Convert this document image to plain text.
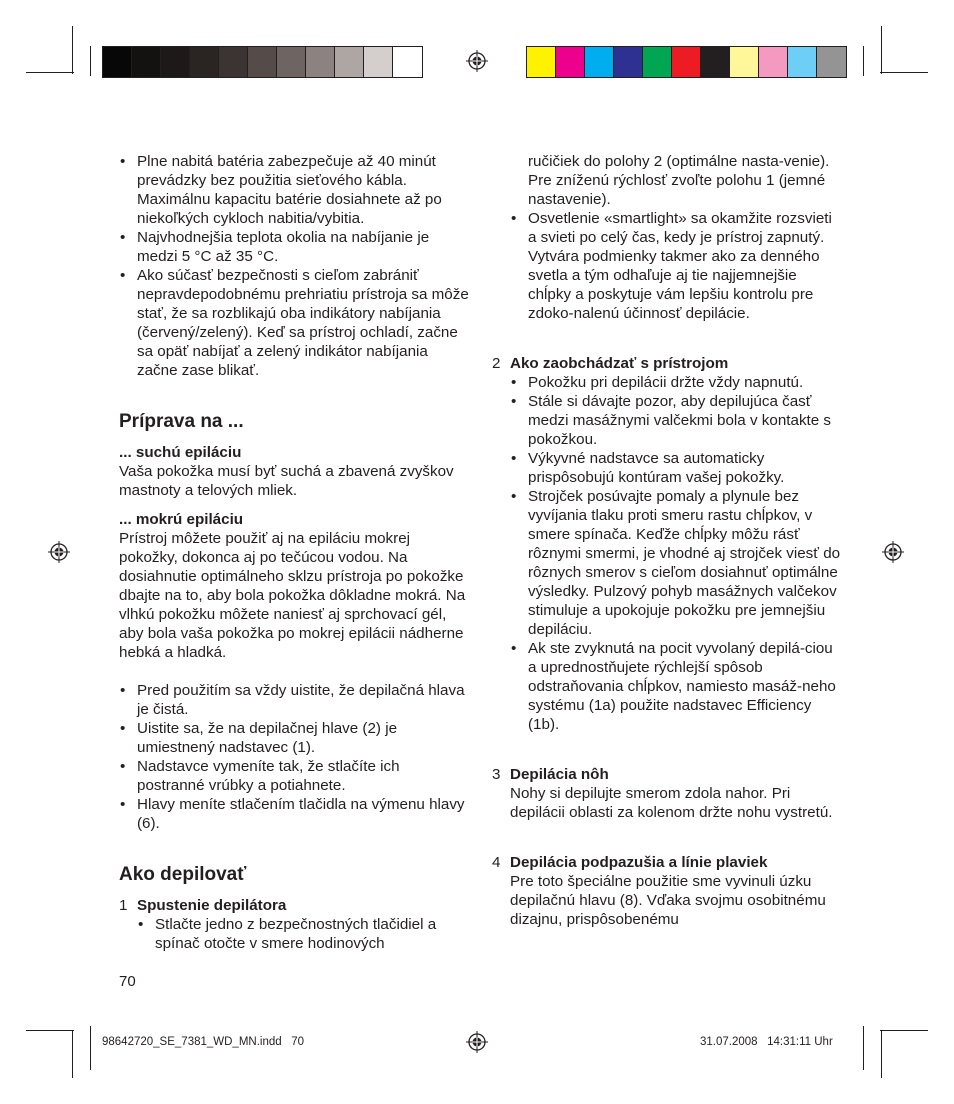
• Plne nabitá batéria zabezpečuje až 40 minút prevádzky bez použitia sieťového kábla. Maximálnu kapacitu batérie dosiahnete až po niekoľkých cykloch nabitia/vybitia.

• Najvhodnejšia teplota okolia na nabíjanie je medzi 5 °C až 35 °C.

• Ako súčasť bezpečnosti s cieľom zabrániť nepravdepodobnému prehriatiu prístroja sa môže stať, že sa rozblikajú oba indikátory nabíjania (červený/zelený). Keď sa prístroj ochladí, začne sa opäť nabíjať a zelený indikátor nabíjania začne zase blikať.

Príprava na ...

... suchú epiláciu

Vaša pokožka musí byť suchá a zbavená zvyškov mastnoty a telových mliek.

... mokrú epiláciu

Prístroj môžete použiť aj na epiláciu mokrej pokožky, dokonca aj po tečúcou vodou. Na dosiahnutie optimálneho sklzu prístroja po pokožke dbajte na to, aby bola pokožka dôkladne mokrá. Na vlhkú pokožku môžete naniesť aj sprchovací gél, aby bola vaša pokožka po mokrej epilácii nádherne hebká a hladká.

• Pred použitím sa vždy uistite, že depilačná hlava je čistá.

• Uistite sa, že na depilačnej hlave (2) je umiestnený nadstavec (1).

• Nadstavce vymeníte tak, že stlačíte ich postranné vrúbky a potiahnete.

• Hlavy meníte stlačením tlačidla na výmenu hlavy (6).

Ako depilovať

1 Spustenie depilátora

• Stlačte jedno z bezpečnostných tlačidiel a spínač otočte v smere hodinových

ručičiek do polohy 2 (optimálne nasta-venie). Pre zníženú rýchlosť zvoľte polohu 1 (jemné nastavenie).

• Osvetlenie «smartlight» sa okamžite rozsvieti a svieti po celý čas, kedy je prístroj zapnutý. Vytvára podmienky takmer ako za denného svetla a tým odhaľuje aj tie najjemnejšie chĺpky a poskytuje vám lepšiu kontrolu pre zdoko-nalenú účinnosť depilácie.

2 Ako zaobchádzať s prístrojom

• Pokožku pri depilácii držte vždy napnutú.

• Stále si dávajte pozor, aby depilujúca časť medzi masážnymi valčekmi bola v kontakte s pokožkou.

• Výkyvné nadstavce sa automaticky prispôsobujú kontúram vašej pokožky.

• Strojček posúvajte pomaly a plynule bez vyvíjania tlaku proti smeru rastu chĺpkov, v smere spínača. Keďže chĺpky môžu rásť rôznymi smermi, je vhodné aj strojček viesť do rôznych smerov s cieľom dosiahnuť optimálne výsledky. Pulzový pohyb masážnych valčekov stimuluje a upokojuje pokožku pre jemnejšiu depiláciu.

• Ak ste zvyknutá na pocit vyvolaný depilá-ciou a uprednostňujete rýchlejší spôsob odstraňovania chĺpkov, namiesto masáž-neho systému (1a) použite nadstavec Efficiency (1b).

3 Depilácia nôh

Nohy si depilujte smerom zdola nahor. Pri depilácii oblasti za kolenom držte nohu vystretú.

4 Depilácia podpazušia a línie plaviek

Pre toto špeciálne použitie sme vyvinuli úzku depilačnú hlavu (8). Vďaka svojmu osobitnému dizajnu, prispôsobenému

70
98642720_SE_7381_WD_MN.indd   70	31.07.2008   14:31:11 Uhr
